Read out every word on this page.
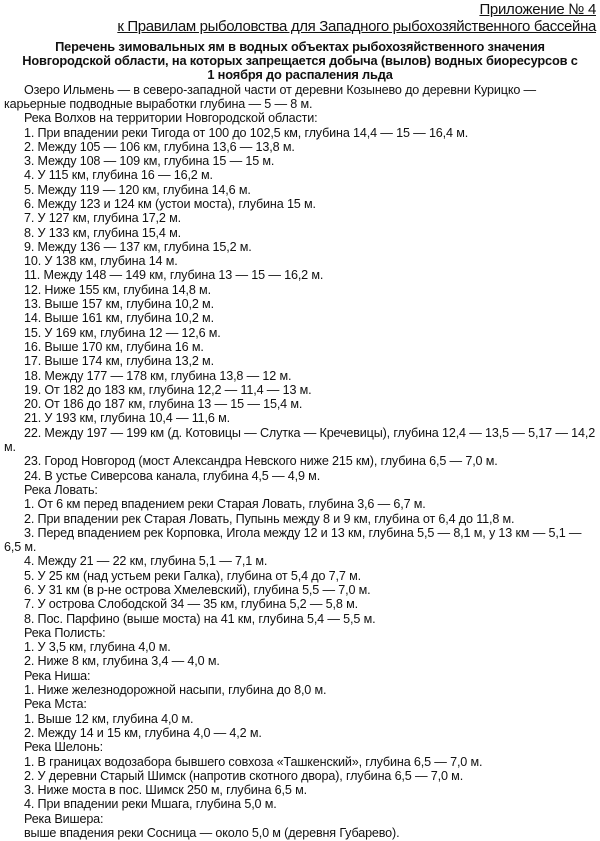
Приложение № 4
к Правилам рыболовства для Западного рыбохозяйственного бассейна
Перечень зимовальных ям в водных объектах рыбохозяйственного значения Новгородской области, на которых запрещается добыча (вылов) водных биоресурсов с 1 ноября до распаления льда

Озеро Ильмень — в северо-западной части от деревни Козынево до деревни Курицко — карьерные подводные выработки глубина — 5 — 8 м.

Река Волхов на территории Новгородской области:

1. При впадении реки Тигода от 100 до 102,5 км, глубина 14,4 — 15 — 16,4 м.

2. Между 105 — 106 км, глубина 13,6 — 13,8 м.

3. Между 108 — 109 км, глубина 15 — 15 м.

4. У 115 км, глубина 16 — 16,2 м.

5. Между 119 — 120 км, глубина 14,6 м.

6. Между 123 и 124 км (устои моста), глубина 15 м.

7. У 127 км, глубина 17,2 м.

8. У 133 км, глубина 15,4 м.

9. Между 136 — 137 км, глубина 15,2 м.

10. У 138 км, глубина 14 м.

11. Между 148 — 149 км, глубина 13 — 15 — 16,2 м.

12. Ниже 155 км, глубина 14,8 м.

13. Выше 157 км, глубина 10,2 м.

14. Выше 161 км, глубина 10,2 м.

15. У 169 км, глубина 12 — 12,6 м.

16. Выше 170 км, глубина 16 м.

17. Выше 174 км, глубина 13,2 м.

18. Между 177 — 178 км, глубина 13,8 — 12 м.

19. От 182 до 183 км, глубина 12,2 — 11,4 — 13 м.

20. От 186 до 187 км, глубина 13 — 15 — 15,4 м.

21. У 193 км, глубина 10,4 — 11,6 м.

22. Между 197 — 199 км (д. Котовицы — Слутка — Кречевицы), глубина 12,4 — 13,5 — 5,17 — 14,2 м.

23. Город Новгород (мост Александра Невского ниже 215 км), глубина 6,5 — 7,0 м.

24. В устье Сиверсова канала, глубина 4,5 — 4,9 м.

Река Ловать:

1. От 6 км перед впадением реки Старая Ловать, глубина 3,6 — 6,7 м.

2. При впадении рек Старая Ловать, Пупынь между 8 и 9 км, глубина от 6,4 до 11,8 м.

3. Перед впадением рек Корповка, Игола между 12 и 13 км, глубина 5,5 — 8,1 м, у 13 км — 5,1 — 6,5 м.

4. Между 21 — 22 км, глубина 5,1 — 7,1 м.

5. У 25 км (над устьем реки Галка), глубина от 5,4 до 7,7 м.

6. У 31 км (в р-не острова Хмелевский), глубина 5,5 — 7,0 м.

7. У острова Слободской 34 — 35 км, глубина 5,2 — 5,8 м.

8. Пос. Парфино (выше моста) на 41 км, глубина 5,4 — 5,5 м.

Река Полисть:

1. У 3,5 км, глубина 4,0 м.

2. Ниже 8 км, глубина 3,4 — 4,0 м.

Река Ниша:

1. Ниже железнодорожной насыпи, глубина до 8,0 м.

Река Мста:

1. Выше 12 км, глубина 4,0 м.

2. Между 14 и 15 км, глубина 4,0 — 4,2 м.

Река Шелонь:

1. В границах водозабора бывшего совхоза «Ташкенский», глубина 6,5 — 7,0 м.

2. У деревни Старый Шимск (напротив скотного двора), глубина 6,5 — 7,0 м.

3. Ниже моста в пос. Шимск 250 м, глубина 6,5 м.

4. При впадении реки Мшага, глубина 5,0 м.

Река Вишера:

выше впадения реки Сосница — около 5,0 м (деревня Губарево).
